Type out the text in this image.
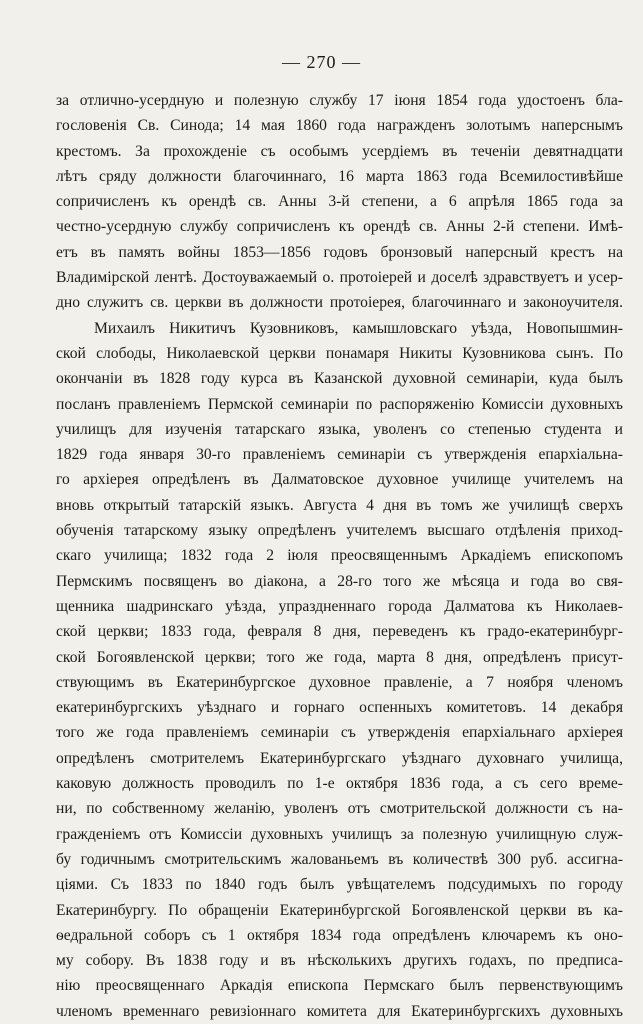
— 270 —
за отлично-усердную и полезную службу 17 іюня 1854 года удостоенъ бла-
гословенія Св. Синода; 14 мая 1860 года награжденъ золотымъ наперснымъ
крестомъ. За прохожденіе съ особымъ усердіемъ въ теченіи девятнадцати
лѣтъ сряду должности благочиннаго, 16 марта 1863 года Всемилостивѣйше
сопричисленъ къ орендѣ св. Анны 3-й степени, а 6 апрѣля 1865 года за
честно-усердную службу сопричисленъ къ орендѣ св. Анны 2-й степени. Имѣ-
етъ въ память войны 1853—1856 годовъ бронзовый наперсный крестъ на
Владимірской лентѣ. Достоуважаемый о. протоіерей и доселѣ здравствуетъ и усер-
дно служитъ св. церкви въ должности протоіерея, благочиннаго и законоучителя.
Михаилъ Никитичъ Кузовниковъ, камышловскаго уѣзда, Новопышмин-
ской слободы, Николаевской церкви понамаря Никиты Кузовникова сынъ. По
окончаніи въ 1828 году курса въ Казанской духовной семинаріи, куда былъ
посланъ правленіемъ Пермской семинаріи по распоряженію Комиссіи духовныхъ
училищъ для изученія татарскаго языка, уволенъ со степенью студента и
1829 года января 30-го правленіемъ семинаріи съ утвержденія епархіальна-
го архіерея опредѣленъ въ Далматовское духовное училище учителемъ на
вновь открытый татарскій языкъ. Августа 4 дня въ томъ же училищѣ сверхъ
обученія татарскому языку опредѣленъ учителемъ высшаго отдѣленія приход-
скаго училища; 1832 года 2 іюля преосвященнымъ Аркадіемъ епископомъ
Пермскимъ посвященъ во діакона, а 28-го того же мѣсяца и года во свя-
щенника шадринскаго уѣзда, упраздненнаго города Далматова къ Николаев-
ской церкви; 1833 года, февраля 8 дня, переведенъ къ градо-екатеринбург-
ской Богоявленской церкви; того же года, марта 8 дня, опредѣленъ присут-
ствующимъ въ Екатеринбургское духовное правленіе, а 7 ноября членомъ
екатеринбургскихъ уѣзднаго и горнаго оспенныхъ комитетовъ. 14 декабря
того же года правленіемъ семинаріи съ утвержденія епархіальнаго архіерея
опредѣленъ смотрителемъ Екатеринбургскаго уѣзднаго духовнаго училища,
каковую должность проводилъ по 1-е октября 1836 года, а съ сего време-
ни, по собственному желанію, уволенъ отъ смотрительской должности съ на-
гражденіемъ отъ Комиссіи духовныхъ училищъ за полезную училищную служ-
бу годичнымъ смотрительскимъ жалованьемъ въ количествѣ 300 руб. ассигна-
ціями. Съ 1833 по 1840 годъ былъ увѣщателемъ подсудимыхъ по городу
Екатеринбургу. По обращеніи Екатеринбургской Богоявленской церкви въ ка-
ѳедральной соборъ съ 1 октября 1834 года опредѣленъ ключаремъ къ оно-
му собору. Въ 1838 году и въ нѣсколькихъ другихъ годахъ, по предписа-
нію преосвященнаго Аркадія епископа Пермскаго былъ первенствующимъ
членомъ временнаго ревизіоннаго комитета для Екатеринбургскихъ духовныхъ
